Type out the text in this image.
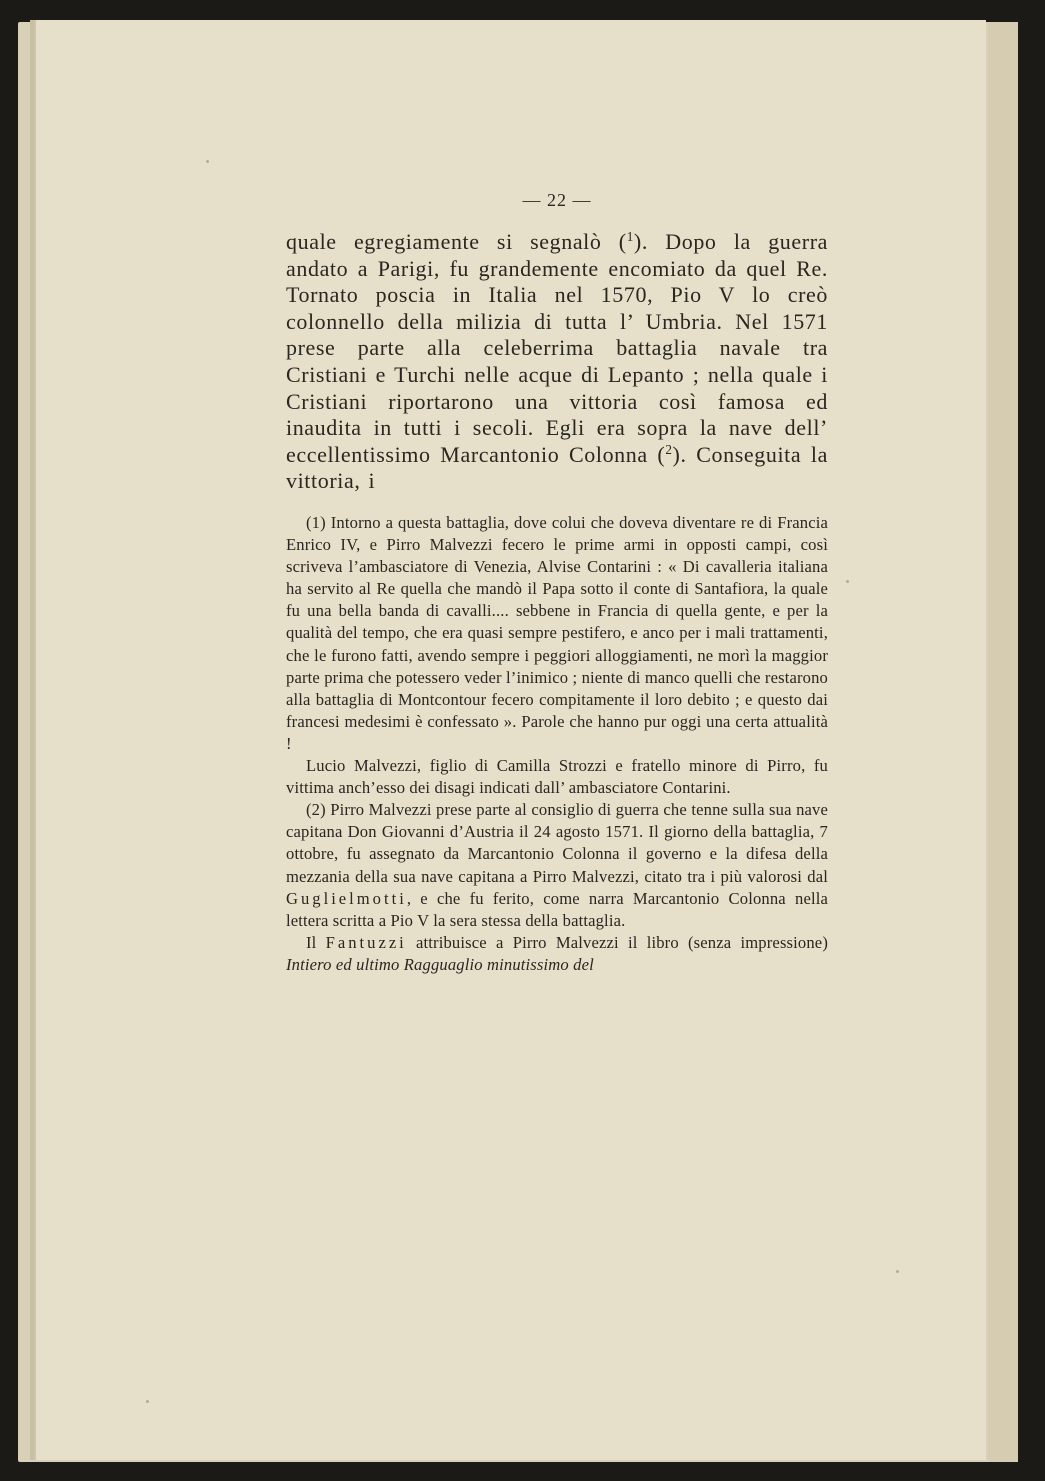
— 22 —
quale egregiamente si segnalò ($^1$). Dopo la guerra andato a Parigi, fu grandemente encomiato da quel Re. Tornato poscia in Italia nel 1570, Pio V lo creò colonnello della milizia di tutta l’ Umbria. Nel 1571 prese parte alla celeberrima battaglia navale tra Cristiani e Turchi nelle acque di Lepanto ; nella quale i Cristiani riportarono una vittoria così famosa ed inaudita in tutti i secoli. Egli era sopra la nave dell’ eccellentissimo Marcantonio Colonna ($^2$). Conseguita la vittoria, i

(1) Intorno a questa battaglia, dove colui che doveva diventare re di Francia Enrico IV, e Pirro Malvezzi fecero le prime armi in opposti campi, così scriveva l’ambasciatore di Venezia, Alvise Contarini : « Di cavalleria italiana ha servito al Re quella che mandò il Papa sotto il conte di Santafiora, la quale fu una bella banda di cavalli.... sebbene in Francia di quella gente, e per la qualità del tempo, che era quasi sempre pestifero, e anco per i mali trattamenti, che le furono fatti, avendo sempre i peggiori alloggiamenti, ne morì la maggior parte prima che potessero veder l’inimico ; niente di manco quelli che restarono alla battaglia di Montcontour fecero compitamente il loro debito ; e questo dai francesi medesimi è confessato ». Parole che hanno pur oggi una certa attualità !

Lucio Malvezzi, figlio di Camilla Strozzi e fratello minore di Pirro, fu vittima anch’esso dei disagi indicati dall’ ambasciatore Contarini.

(2) Pirro Malvezzi prese parte al consiglio di guerra che tenne sulla sua nave capitana Don Giovanni d’Austria il 24 agosto 1571. Il giorno della battaglia, 7 ottobre, fu assegnato da Marcantonio Colonna il governo e la difesa della mezzania della sua nave capitana a Pirro Malvezzi, citato tra i più valorosi dal Guglielmotti, e che fu ferito, come narra Marcantonio Colonna nella lettera scritta a Pio V la sera stessa della battaglia.

Il Fantuzzi attribuisce a Pirro Malvezzi il libro (senza impressione) Intiero ed ultimo Ragguaglio minutissimo del
